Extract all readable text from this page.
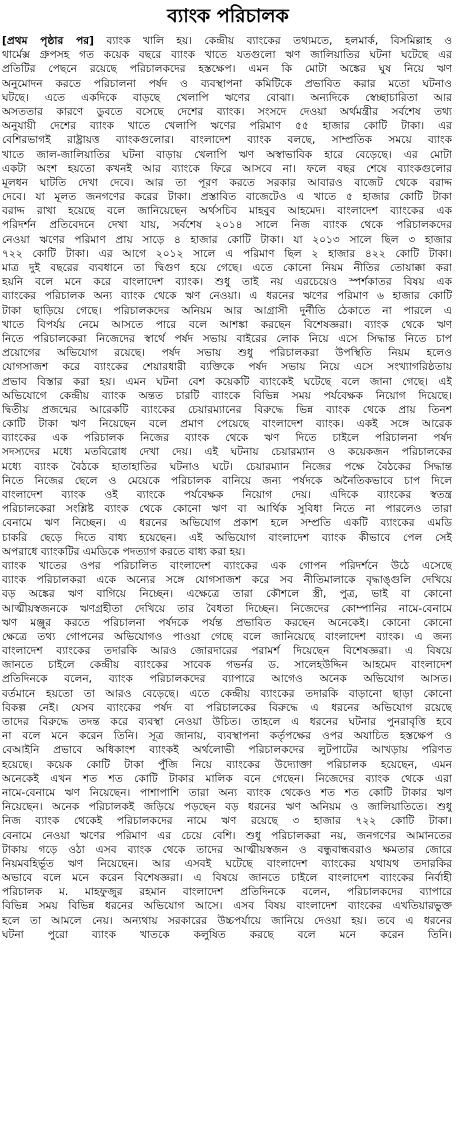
ব্যাংক পরিচালক
[প্রথম পৃষ্ঠার পর] ব্যাংক খালি হয়। কেন্দ্রীয় ব্যাংকের তথ্যমতে, হলমার্ক, বিসমিল্লাহ ও
থার্মেক্স গ্রুপসহ গত কয়েক বছরে ব্যাংক খাতে যতগুলো ঋণ জালিয়াতির ঘটনা ঘটেছে এর
প্রতিটির পেছনে রয়েছে পরিচালকদের হস্তক্ষেপ। এমন কি মোটা অঙ্কের ঘুষ নিয়ে ঋণ
অনুমোদন করতে পরিচালনা পর্ষদ ও ব্যবস্থাপনা কমিটিকে প্রভাবিত করার মতো ঘটনাও
ঘটছে। এতে একদিকে বাড়ছে খেলাপি ঋণের বোঝা। অন্যদিকে স্বেচ্ছাচারিতা আর
অসততার কারণে ডুবতে বসেছে দেশের ব্যাংক। সংসদে দেওয়া অর্থমন্ত্রীর সর্বশেষ তথ্য
অনুযায়ী দেশের ব্যাংক খাতে খেলাপি ঋণের পরিমাণ ৫৫ হাজার কোটি টাকা। এর
বেশিরভাগই রাষ্ট্রায়ত্ত ব্যাংকগুলোর। বাংলাদেশ ব্যাংক বলছে, সাম্প্রতিক সময়ে ব্যাংক
খাতে জাল-জালিয়াতির ঘটনা বাড়ায় খেলাপি ঋণ অস্বাভাবিক হারে বেড়েছে। এর মোটা
একটা অংশ হয়তো কখনই আর ব্যাংকে ফিরে আসবে না। ফলে বছর শেষে ব্যাংকগুলোর
মূলধন ঘাটতি দেখা দেবে। আর তা পূরণ করতে সরকার আবারও বাজেট থেকে বরাদ্দ
দেবে। যা মূলত জনগণের করের টাকা। প্রস্তাবিত বাজেটেও এ খাতে ৫ হাজার কোটি টাকা
বরাদ্দ রাখা হয়েছে বলে জানিয়েছেন অর্থসচিব মাহবুব আহমেদ। বাংলাদেশ ব্যাংকের এক
পরিদর্শন প্রতিবেদনে দেখা যায়, সর্বশেষ ২০১৪ সালে নিজ ব্যাংক থেকে পরিচালকদের
নেওয়া ঋণের পরিমাণ প্রায় সাড়ে ৪ হাজার কোটি টাকা। যা ২০১৩ সালে ছিল ৩ হাজার
৭২২ কোটি টাকা। এর আগে ২০১২ সালে এ পরিমাণ ছিল ২ হাজার ৪২২ কোটি টাকা।
মাত্র দুই বছরের ব্যবধানে তা দ্বিগুণ হয়ে গেছে। এতে কোনো নিয়ম নীতির তোয়াক্কা করা
হয়নি বলে মনে করে বাংলাদেশ ব্যাংক। শুধু তাই নয় এরচেয়েও স্পর্শকাতর বিষয় এক
ব্যাংকের পরিচালক অন্য ব্যাংক থেকে ঋণ নেওয়া। এ ধরনের ঋণের পরিমাণ ৬ হাজার কোটি
টাকা ছাড়িয়ে গেছে। পরিচালকদের অনিয়ম আর আগ্রাসী দুর্নীতি ঠেকাতে না পারলে এ
খাতে বিপর্যয় নেমে আসতে পারে বলে আশঙ্কা করছেন বিশেষজ্ঞরা। ব্যাংক থেকে ঋণ
নিতে পরিচালকেরা নিজেদের স্বার্থে পর্ষদ সভায় বাইরের লোক নিয়ে এসে সিদ্ধান্ত নিতে চাপ
প্রয়োগের অভিযোগ রয়েছে। পর্ষদ সভায় শুধু পরিচালকরা উপস্থিতি নিয়ম হলেও
যোগসাজশ করে ব্যাংকের শেয়ারধারী ব্যক্তিকে পর্ষদ সভায় নিয়ে এসে সংখ্যাগরিষ্ঠতায়
প্রভাব বিস্তার করা হয়। এমন ঘটনা বেশ কয়েকটি ব্যাংকেই ঘটেছে বলে জানা গেছে। এই
অভিযোগে কেন্দ্রীয় ব্যাংক অন্তত চারটি ব্যাংকে বিভিন্ন সময় পর্যবেক্ষক নিয়োগ দিয়েছে।
দ্বিতীয় প্রজন্মের আরেকটি ব্যাংকের চেয়ারম্যানের বিরুদ্ধে ভিন্ন ব্যাংক থেকে প্রায় তিনশ
কোটি টাকা ঋণ নিয়েছেন বলে প্রমাণ পেয়েছে বাংলাদেশ ব্যাংক। একই সঙ্গে আরেক
ব্যাংকের এক পরিচালক নিজের ব্যাংক থেকে ঋণ দিতে চাইলে পরিচালনা পর্ষদ
সদস্যদের মধ্যে মতবিরোধ দেখা দেয়। এই ঘটনায় চেয়ারম্যান ও কয়েকজন পরিচালকের
মধ্যে ব্যাংক বৈঠকে হাতাহাতির ঘটনাও ঘটে। চেয়ারম্যান নিজের পক্ষে বৈঠকের সিদ্ধান্ত
নিতে নিজের ছেলে ও মেয়েকে পরিচালক বানিয়ে জন্য পর্ষদকে অনৈতিকভাবে চাপ দিলে
বাংলাদেশ ব্যাংক ওই ব্যাংকে পর্যবেক্ষক নিয়োগ দেয়। এদিকে ব্যাংকের স্বতন্ত্র
পরিচালকেরা সংশ্লিষ্ট ব্যাংক থেকে কোনো ঋণ বা আর্থিক সুবিধা নিতে না পারলেও তারা
বেনামে ঋণ নিচ্ছেন। এ ধরনের অভিযোগ প্রকাশ হলে সম্প্রতি একটি ব্যাংকের এমডি
চাকরি ছেড়ে দিতে বাধ্য হয়েছেন। এই অভিযোগ বাংলাদেশ ব্যাংক কীভাবে পেল সেই
অপরাধে ব্যাংকটির এমডিকে পদত্যাগ করতে বাধ্য করা হয়।
ব্যাংক খাতের ওপর পরিচালিত বাংলাদেশ ব্যাংকের এক গোপন পরিদর্শনে উঠে এসেছে
ব্যাংক পরিচালকরা একে অন্যের সঙ্গে যোগসাজশ করে সব নীতিমালাকে বৃদ্ধাঙ্গুলি দেখিয়ে
বড় অঙ্কের ঋণ বাগিয়ে নিচ্ছেন। এক্ষেত্রে তারা কৌশলে স্ত্রী, পুত্র, ভাই বা কোনো
আত্মীয়স্বজনকে ঋণগ্রহীতা দেখিয়ে তার বৈধতা দিচ্ছেন। নিজেদের কোম্পানির নামে-বেনামে
ঋণ মঞ্জুর করতে পরিচালনা পর্ষদকে পর্যন্ত প্রভাবিত করছেন অনেকেই। কোনো কোনো
ক্ষেত্রে তথ্য গোপনের অভিযোগও পাওয়া গেছে বলে জানিয়েছে বাংলাদেশ ব্যাংক। এ জন্য
বাংলাদেশ ব্যাংকের তদারকি আরও জোরদারের পরামর্শ দিয়েছেন বিশেষজ্ঞরা। এ বিষয়ে
জানতে চাইলে কেন্দ্রীয় ব্যাংকের সাবেক গভর্নর ড. সালেহউদ্দিন আহমেদ বাংলাদেশ
প্রতিদিনকে বলেন, ব্যাংক পরিচালকদের ব্যাপারে আগেও অনেক অভিযোগ আসত।
বর্তমানে হয়তো তা আরও বেড়েছে। এতে কেন্দ্রীয় ব্যাংকের তদারকি বাড়ানো ছাড়া কোনো
বিকল্প নেই। যেসব ব্যাংকের পর্ষদ বা পরিচালকের বিরুদ্ধে এ ধরনের অভিযোগ রয়েছে
তাদের বিরুদ্ধে তদন্ত করে ব্যবস্থা নেওয়া উচিত। তাহলে এ ধরনের ঘটনার পুনরাবৃত্তি হবে
না বলে মনে করেন তিনি। সূত্র জানায়, ব্যবস্থাপনা কর্তৃপক্ষের ওপর অযাচিত হস্তক্ষেপ ও
বেআইনি প্রভাবে অধিকাংশ ব্যাংকই অর্থলোভী পরিচালকদের লুটপাটের আখড়ায় পরিণত
হয়েছে। কয়েক কোটি টাকা পুঁজি নিয়ে ব্যাংকের উদ্যোক্তা পরিচালক হয়েছেন, এমন
অনেকেই এখন শত শত কোটি টাকার মালিক বনে গেছেন। নিজেদের ব্যাংক থেকে এরা
নামে-বেনামে ঋণ নিয়েছেন। পাশাপাশি তারা অন্য ব্যাংক থেকেও শত শত কোটি টাকার ঋণ
নিয়েছেন। অনেক পরিচালকই জড়িয়ে পড়ছেন বড় ধরনের ঋণ অনিয়ম ও জালিয়াতিতে। শুধু
নিজ ব্যাংক থেকেই পরিচালকদের নামে ঋণ রয়েছে ৩ হাজার ৭২২ কোটি টাকা।
বেনামে নেওয়া ঋণের পরিমাণ এর চেয়ে বেশি। শুধু পরিচালকরা নয়, জনগণের আমানতের
টাকায় গড়ে ওঠা এসব ব্যাংক থেকে তাদের আত্মীয়স্বজন ও বন্ধুবান্ধবরাও ক্ষমতার জোরে
নিয়মবহির্ভূত ঋণ নিয়েছেন। আর এসবই ঘটেছে বাংলাদেশ ব্যাংকের যথাযথ তদারকির
অভাবে বলে মনে করেন বিশেষজ্ঞরা। এ বিষয়ে জানতে চাইলে বাংলাদেশ ব্যাংকের নির্বাহী
পরিচালক ম. মাহফুজুর রহমান বাংলাদেশ প্রতিদিনকে বলেন, পরিচালকদের ব্যাপারে
বিভিন্ন সময় বিভিন্ন ধরনের অভিযোগ আসে। এসব বিষয় বাংলাদেশ ব্যাংকের এখতিয়ারভুক্ত
হলে তা আমলে নেয়। অন্যথায় সরকারের উচ্চপর্যায়ে জানিয়ে দেওয়া হয়। তবে এ ধরনের
ঘটনা পুরো ব্যাংক খাতকে কলুষিত করছে বলে মনে করেন তিনি।
